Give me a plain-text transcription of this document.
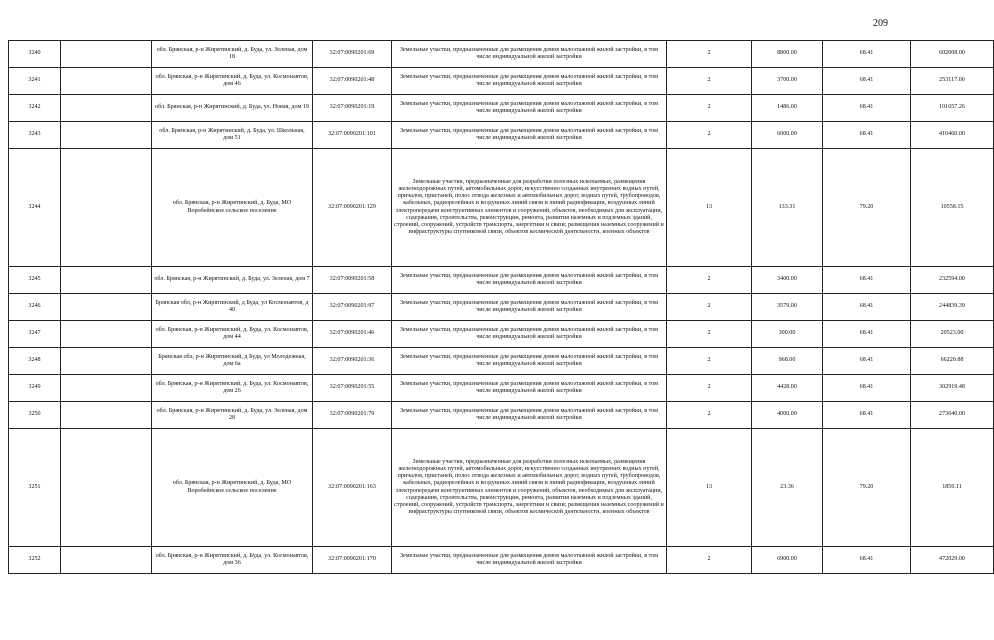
209
3240		обл. Брянская, р-н Жирятинский, д. Буда, ул. Зеленая, дом 18	32:07:0090201:69	Земельные участки, предназначенные для размещения домов малоэтажной жилой застройки, в том числе индивидуальной жилой застройки	2	8800.00	68.41	602008.00
3241		обл. Брянская, р-н Жирятинский, д. Буда, ул. Космонавтов, дом 46	32:07:0090201:48	Земельные участки, предназначенные для размещения домов малоэтажной жилой застройки, в том числе индивидуальной жилой застройки	2	3700.00	68.41	253117.00
3242		обл. Брянская, р-н Жирятинский, д. Буда, ул. Новая, дом 19	32:07:0090201:19	Земельные участки, предназначенные для размещения домов малоэтажной жилой застройки, в том числе индивидуальной жилой застройки	2	1486.00	68.41	101657.26
3243		обл. Брянская, р-н Жирятинский, д. Буда, ул. Школьная, дом 51	32:07:0090201:101	Земельные участки, предназначенные для размещения домов малоэтажной жилой застройки, в том числе индивидуальной жилой застройки	2	6000.00	68.41	410460.00
3244		обл. Брянская, р-н Жирятинский, д. Буда, МО Воробейнское сельское поселение	32:07:0090201:129	Земельные участки, предназначенные для разработки полезных ископаемых, размещения железнодорожных путей, автомобильных дорог, искусственно созданных внутренних водных путей, причалов, пристаней, полос отвода железных и автомобильных дорог, водных путей, трубопроводов, кабельных, радиорелейных и воздушных линий связи и линий радиофикации, воздушных линий электропередачи конструктивных элементов и сооружений, объектов, необходимых для эксплуатации, содержания, строительства, реконструкции, ремонта, развития наземных и подземных зданий, строений, сооружений, устройств транспорта, энергетики и связи; размещения наземных сооружений и инфраструктуры спутниковой связи, объектов космической деятельности, военных объектов	13	133.31	79.20	10558.15
3245		обл. Брянская, р-н Жирятинский, д. Буда, ул. Зеленая, дом 7	32:07:0090201:58	Земельные участки, предназначенные для размещения домов малоэтажной жилой застройки, в том числе индивидуальной жилой застройки	2	3400.00	68.41	232594.00
3246		Брянская обл, р-н Жирятинский, д Буда, ул Космонавтов, д 40	32:07:0090201:97	Земельные участки, предназначенные для размещения домов малоэтажной жилой застройки, в том числе индивидуальной жилой застройки	2	3579.00	68.41	244839.39
3247		обл. Брянская, р-н Жирятинский, д. Буда, ул. Космонавтов, дом 44	32:07:0090201:46	Земельные участки, предназначенные для размещения домов малоэтажной жилой застройки, в том числе индивидуальной жилой застройки	2	300.00	68.41	20523.00
3248		Брянская обл, р-н Жирятинский, д Буда, ул Молодежная, дом 6а	32:07:0090201:36	Земельные участки, предназначенные для размещения домов малоэтажной жилой застройки, в том числе индивидуальной жилой застройки	2	968.00	68.41	66220.88
3249		обл. Брянская, р-н Жирятинский, д. Буда, ул. Космонавтов, дом 26	32:07:0090201:55	Земельные участки, предназначенные для размещения домов малоэтажной жилой застройки, в том числе индивидуальной жилой застройки	2	4428.00	68.41	302919.48
3250		обл. Брянская, р-н Жирятинский, д. Буда, ул. Зеленая, дом 28	32:07:0090201:79	Земельные участки, предназначенные для размещения домов малоэтажной жилой застройки, в том числе индивидуальной жилой застройки	2	4000.00	68.41	273640.00
3251		обл. Брянская, р-н Жирятинский, д. Буда, МО Воробейнское сельское поселение	32:07:0090201:163	Земельные участки, предназначенные для разработки полезных ископаемых, размещения железнодорожных путей, автомобильных дорог, искусственно созданных внутренних водных путей, причалов, пристаней, полос отвода железных и автомобильных дорог, водных путей, трубопроводов, кабельных, радиорелейных и воздушных линий связи и линий радиофикации, воздушных линий электропередачи конструктивных элементов и сооружений, объектов, необходимых для эксплуатации, содержания, строительства, реконструкции, ремонта, развития наземных и подземных зданий, строений, сооружений, устройств транспорта, энергетики и связи; размещения наземных сооружений и инфраструктуры спутниковой связи, объектов космической деятельности, военных объектов	13	23.36	79.20	1850.11
3252		обл. Брянская, р-н Жирятинский, д. Буда, ул. Космонавтов, дом 36	32:07:0090201:170	Земельные участки, предназначенные для размещения домов малоэтажной жилой застройки, в том числе индивидуальной жилой застройки	2	6900.00	68.41	472029.00
